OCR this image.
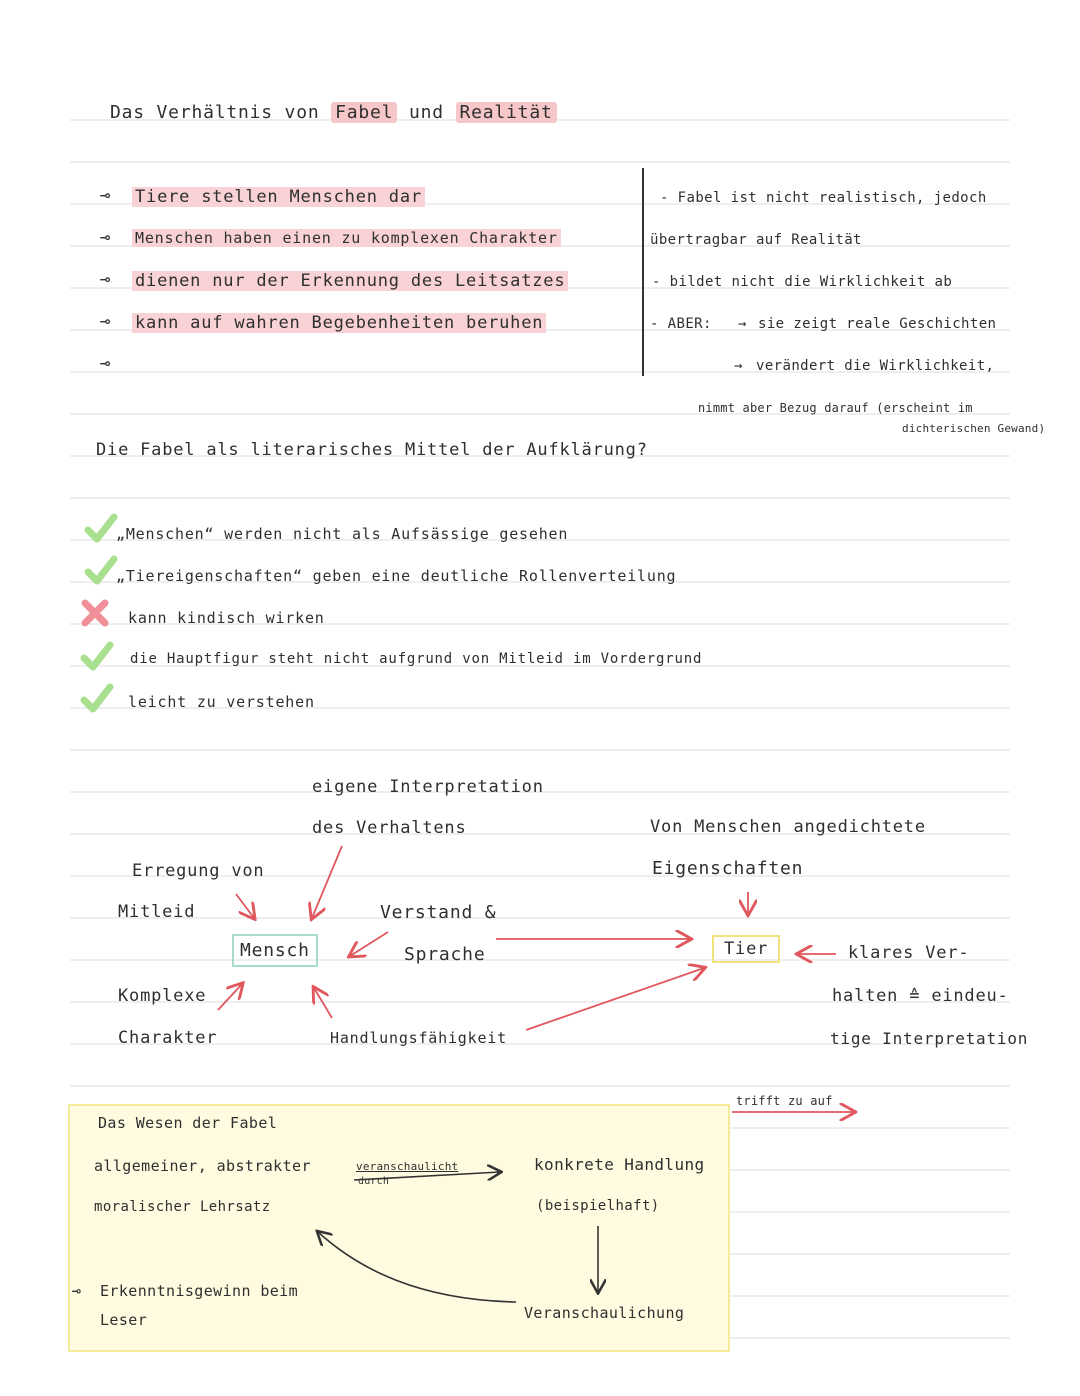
Das Verhältnis von Fabel und Realität
⊸ Tiere stellen Menschen dar
⊸ Menschen haben einen zu komplexen Charakter
⊸ dienen nur der Erkennung des Leitsatzes
⊸ kann auf wahren Begebenheiten beruhen
⊸
- Fabel ist nicht realistisch, jedoch
übertragbar auf Realität
- bildet nicht die Wirklichkeit ab
- ABER: → sie zeigt reale Geschichten
→ verändert die Wirklichkeit,
nimmt aber Bezug darauf (erscheint im
dichterischen Gewand)
Die Fabel als literarisches Mittel der Aufklärung?
„Menschen“ werden nicht als Aufsässige gesehen
„Tiereigenschaften“ geben eine deutliche Rollenverteilung
kann kindisch wirken
die Hauptfigur steht nicht aufgrund von Mitleid im Vordergrund
leicht zu verstehen
eigene Interpretation
des Verhaltens
Erregung von
Mitleid
Mensch
Verstand &
Sprache
Komplexe
Charakter	Handlungsfähigkeit
Von Menschen angedichtete
Eigenschaften
Tier	klares Ver-
halten ≙ eindeu-
tige Interpretation
trifft zu auf
Das Wesen der Fabel
allgemeiner, abstrakter
moralischer Lehrsatz
veranschaulicht
durch
konkrete Handlung
(beispielhaft)
Veranschaulichung
⊸ Erkenntnisgewinn beim
Leser
